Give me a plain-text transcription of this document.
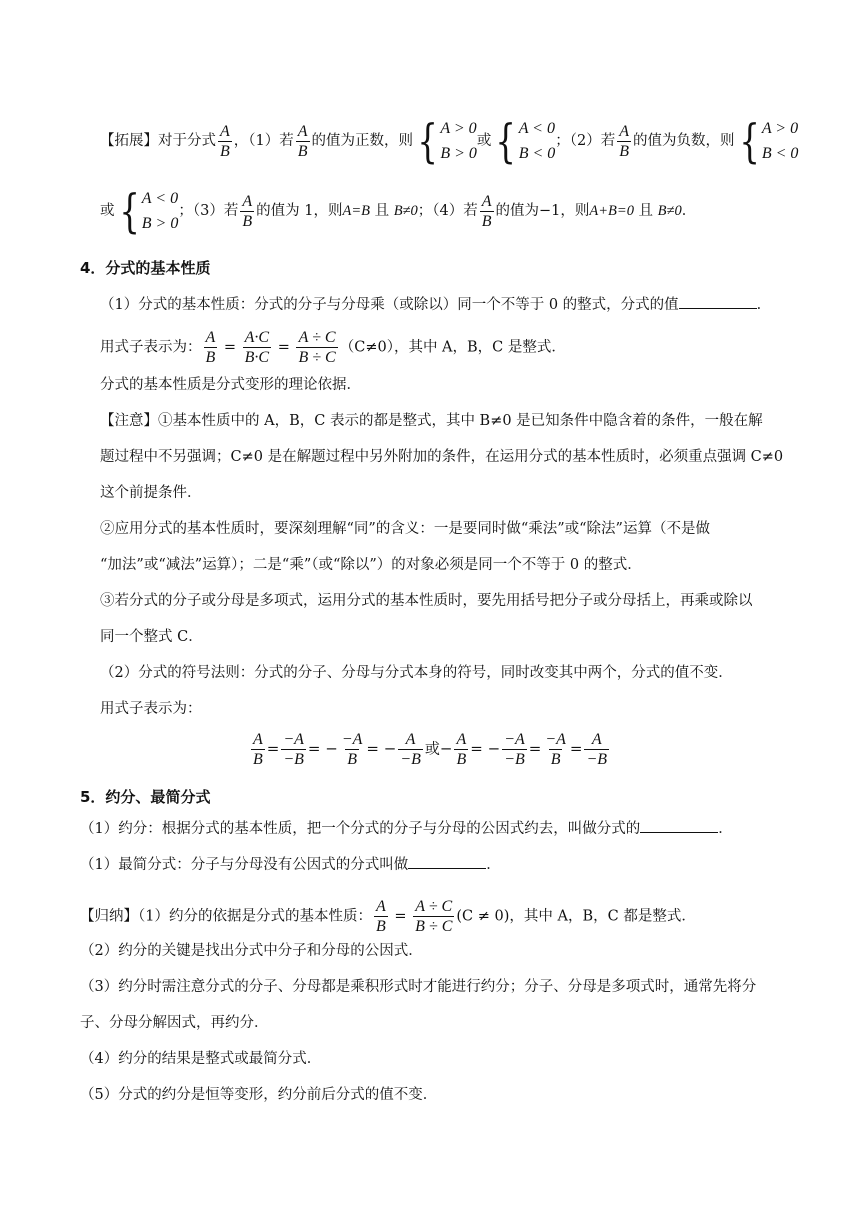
【拓展】对于分式 $\frac{A}{B}$ ，（1）若 $\frac{A}{B}$ 的值为正数，则 { A > 0
B > 0
或 { A < 0
B < 0
；（2）若 $\frac{A}{B}$ 的值为负数，则 { A > 0
B < 0
或 { A < 0
B > 0
；（3）若 $\frac{A}{B}$ 的值为 1，则A=B 且 B≠0；（4）若 $\frac{A}{B}$ 的值为−1，则A+B=0 且 B≠0．
4．分式的基本性质
（1）分式的基本性质：分式的分子与分母乘（或除以）同一个不等于 0 的整式，分式的值	．
用式子表示为： $\frac{A}{B} = \frac{A\cdot C}{B\cdot C} = \frac{A \div C}{B \div C} (C\ne 0)$，其中 A，B，C 是整式．
分式的基本性质是分式变形的理论依据．
【注意】①基本性质中的 A，B，C 表示的都是整式，其中 B≠0 是已知条件中隐含着的条件，一般在解
题过程中不另强调；C≠0 是在解题过程中另外附加的条件，在运用分式的基本性质时，必须重点强调 C≠0
这个前提条件．
②应用分式的基本性质时，要深刻理解“同”的含义：一是要同时做“乘法”或“除法”运算（不是做
“加法”或“减法”运算）；二是“乘”（或“除以”）的对象必须是同一个不等于 0 的整式．
③若分式的分子或分母是多项式，运用分式的基本性质时，要先用括号把分子或分母括上，再乘或除以
同一个整式 C．
（2）分式的符号法则：分式的分子、分母与分式本身的符号，同时改变其中两个，分式的值不变．
用式子表示为：
$\frac{A}{B} = \frac{-A}{-B}$ = − $\frac{-A}{B}$ = − $\frac{A}{-B}$ 或− $\frac{A}{B}$ = − $\frac{-A}{-B} = \frac{-A}{B} = \frac{A}{-B}$
5．约分、最简分式
（1）约分：根据分式的基本性质，把一个分式的分子与分母的公因式约去，叫做分式的	．
（1）最简分式：分子与分母没有公因式的分式叫做	．
【归纳】（1）约分的依据是分式的基本性质： $\frac{A}{B} = \frac{A \div C}{B \div C} (C \ne 0)$，其中 A，B，C 都是整式．
（2）约分的关键是找出分式中分子和分母的公因式．
（3）约分时需注意分式的分子、分母都是乘积形式时才能进行约分；分子、分母是多项式时，通常先将分
子、分母分解因式，再约分．
（4）约分的结果是整式或最简分式．
（5）分式的约分是恒等变形，约分前后分式的值不变．
